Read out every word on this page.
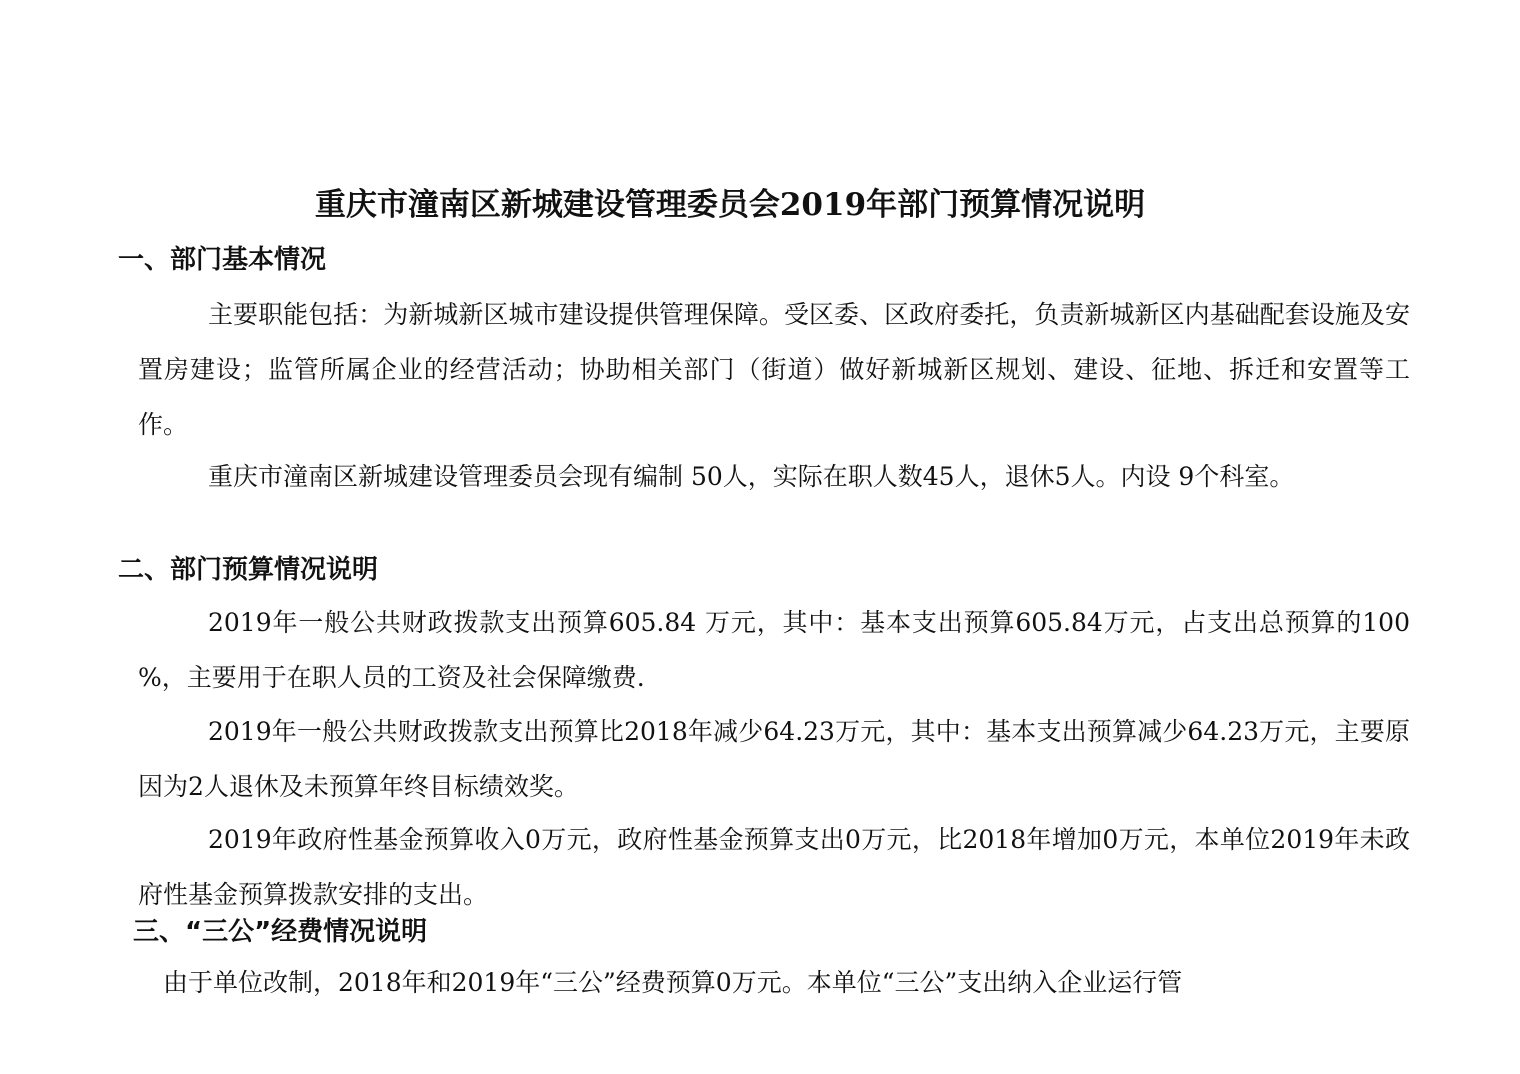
重庆市潼南区新城建设管理委员会2019年部门预算情况说明
一、部门基本情况
主要职能包括：为新城新区城市建设提供管理保障。受区委、区政府委托，负责新城新区内基础配套设施及安置房建设；监管所属企业的经营活动；协助相关部门（街道）做好新城新区规划、建设、征地、拆迁和安置等工作。
重庆市潼南区新城建设管理委员会现有编制 50人，实际在职人数45人，退休5人。内设 9个科室。
二、部门预算情况说明
2019年一般公共财政拨款支出预算605.84 万元，其中：基本支出预算605.84万元，占支出总预算的100 %，主要用于在职人员的工资及社会保障缴费.
2019年一般公共财政拨款支出预算比2018年减少64.23万元，其中：基本支出预算减少64.23万元，主要原因为2人退休及未预算年终目标绩效奖。
2019年政府性基金预算收入0万元，政府性基金预算支出0万元，比2018年增加0万元，本单位2019年未政府性基金预算拨款安排的支出。
三、“三公”经费情况说明
由于单位改制，2018年和2019年“三公”经费预算0万元。本单位“三公”支出纳入企业运行管
